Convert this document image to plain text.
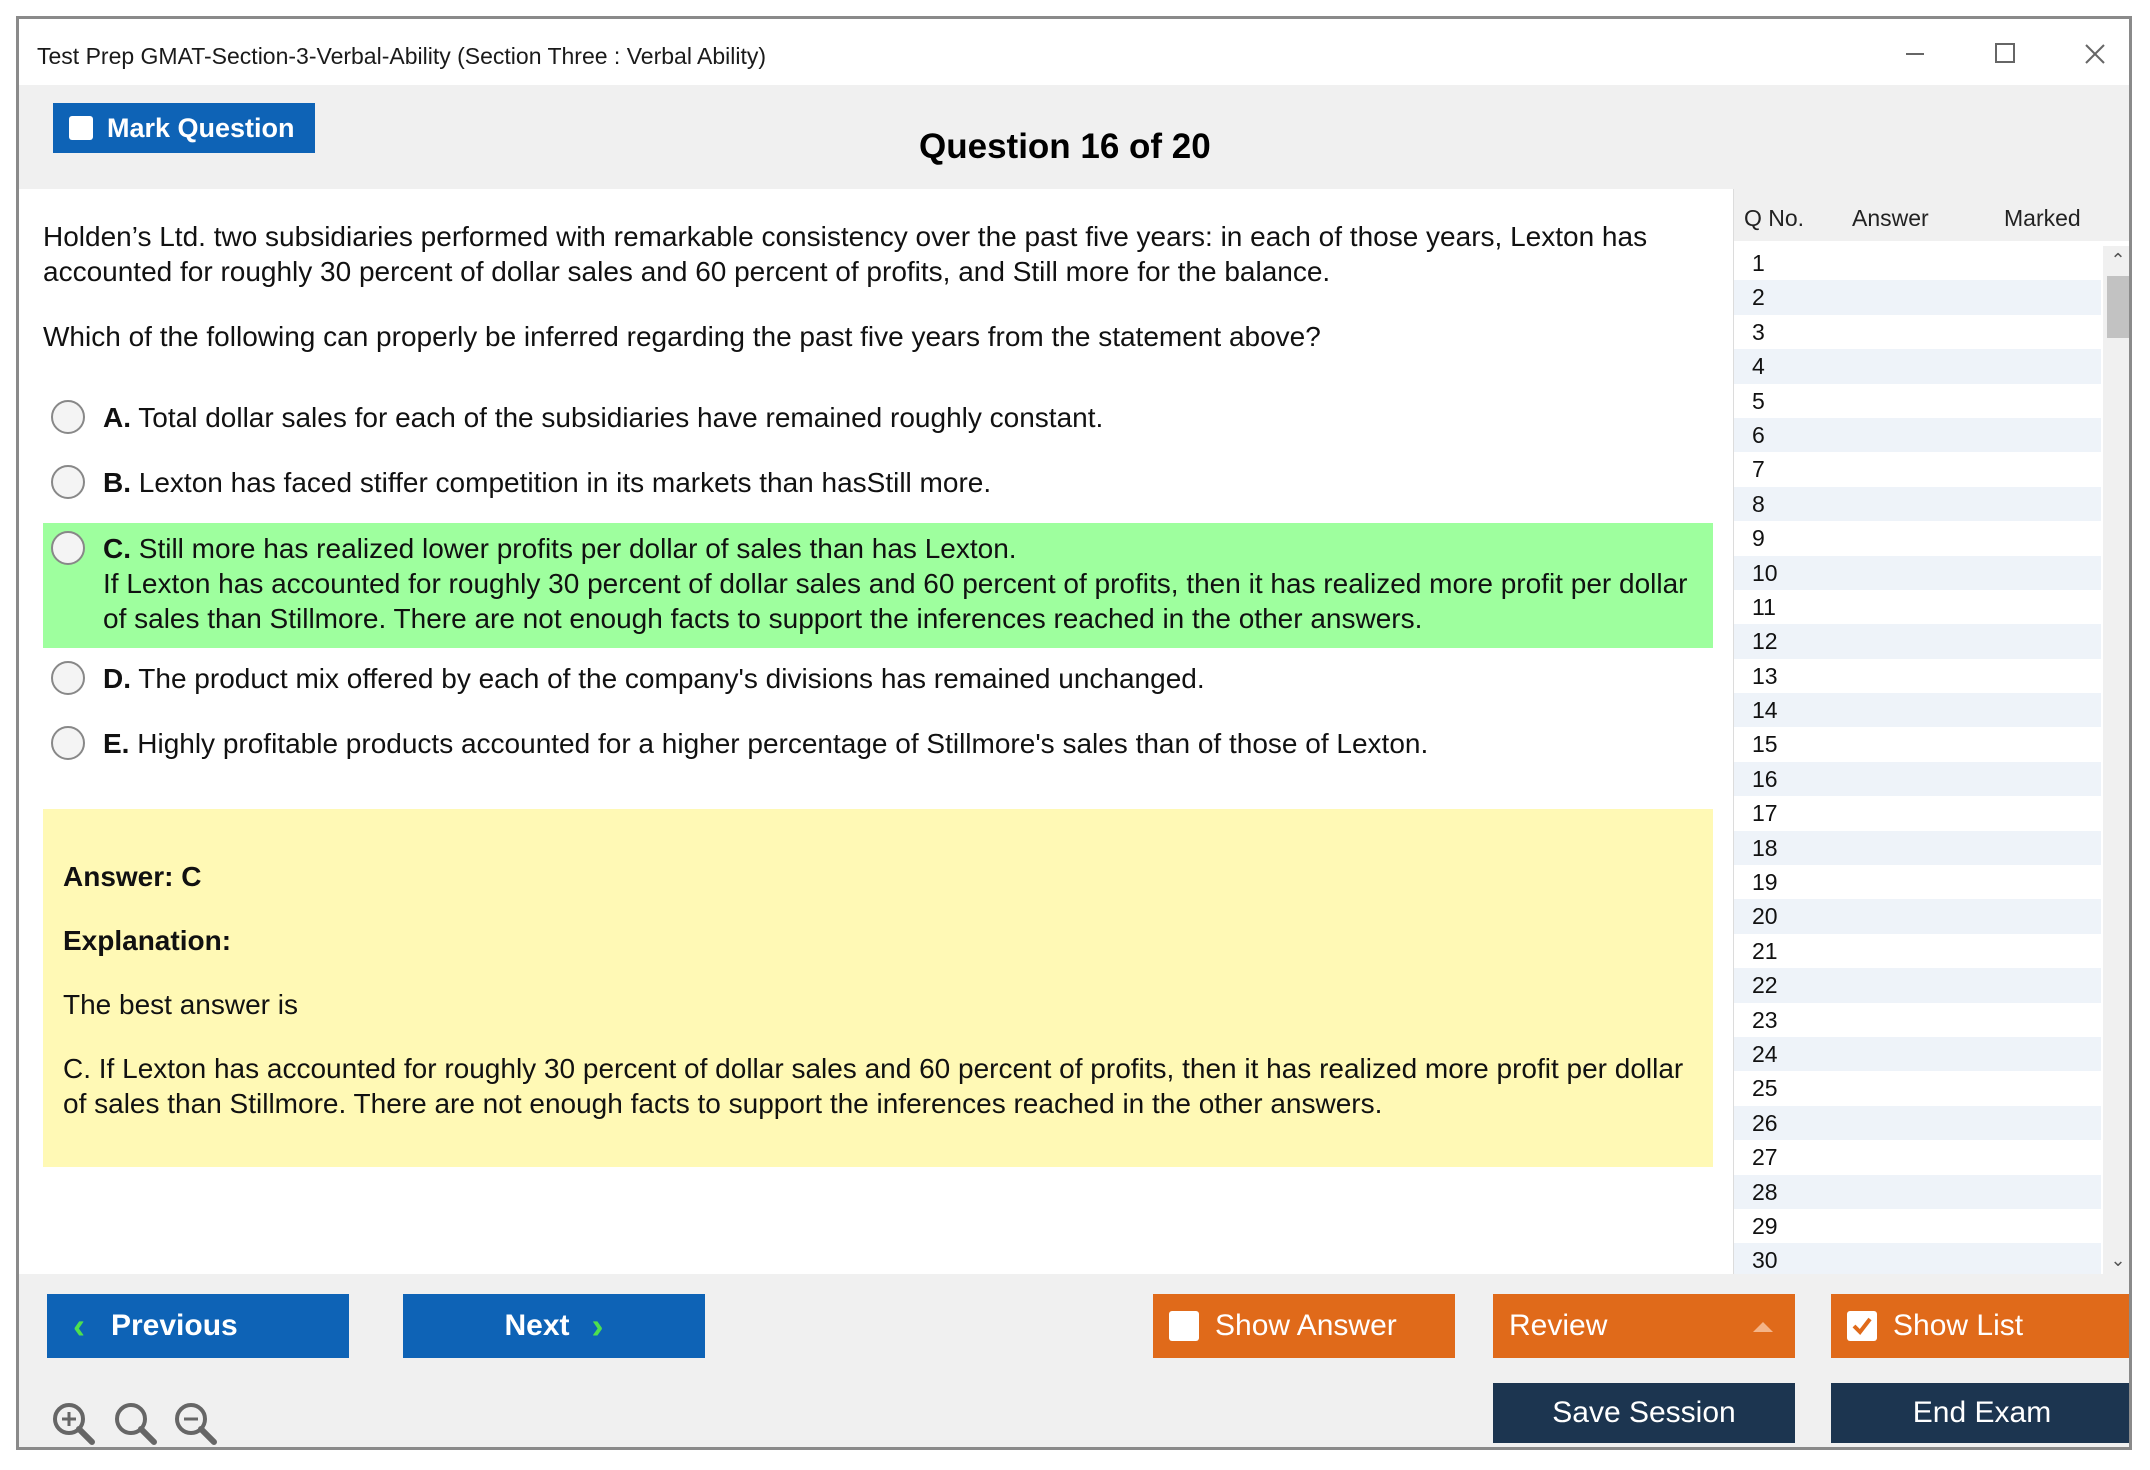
Test Prep GMAT-Section-3-Verbal-Ability (Section Three : Verbal Ability)
Mark Question	Question 16 of 20
Holden’s Ltd. two subsidiaries performed with remarkable consistency over the past five years: in each of those years, Lexton has accounted for roughly 30 percent of dollar sales and 60 percent of profits, and Still more for the balance.
Which of the following can properly be inferred regarding the past five years from the statement above?
A. Total dollar sales for each of the subsidiaries have remained roughly constant.
B. Lexton has faced stiffer competition in its markets than hasStill more.
C. Still more has realized lower profits per dollar of sales than has Lexton.
If Lexton has accounted for roughly 30 percent of dollar sales and 60 percent of profits, then it has realized more profit per dollar of sales than Stillmore. There are not enough facts to support the inferences reached in the other answers.
D. The product mix offered by each of the company's divisions has remained unchanged.
E. Highly profitable products accounted for a higher percentage of Stillmore's sales than of those of Lexton.
Answer: C
Explanation:
The best answer is
C. If Lexton has accounted for roughly 30 percent of dollar sales and 60 percent of profits, then it has realized more profit per dollar of sales than Stillmore. There are not enough facts to support the inferences reached in the other answers.
Q No. Answer	Marked
1
2
3
4
5
6
7
8
9
10
11
12
13
14
15
16
17
18
19
20
21
22
23
24
25
26
27
28
29
30
⌃
⌄
‹ Previous	Next ›	Show Answer	Review	Show List
Save Session	End Exam
